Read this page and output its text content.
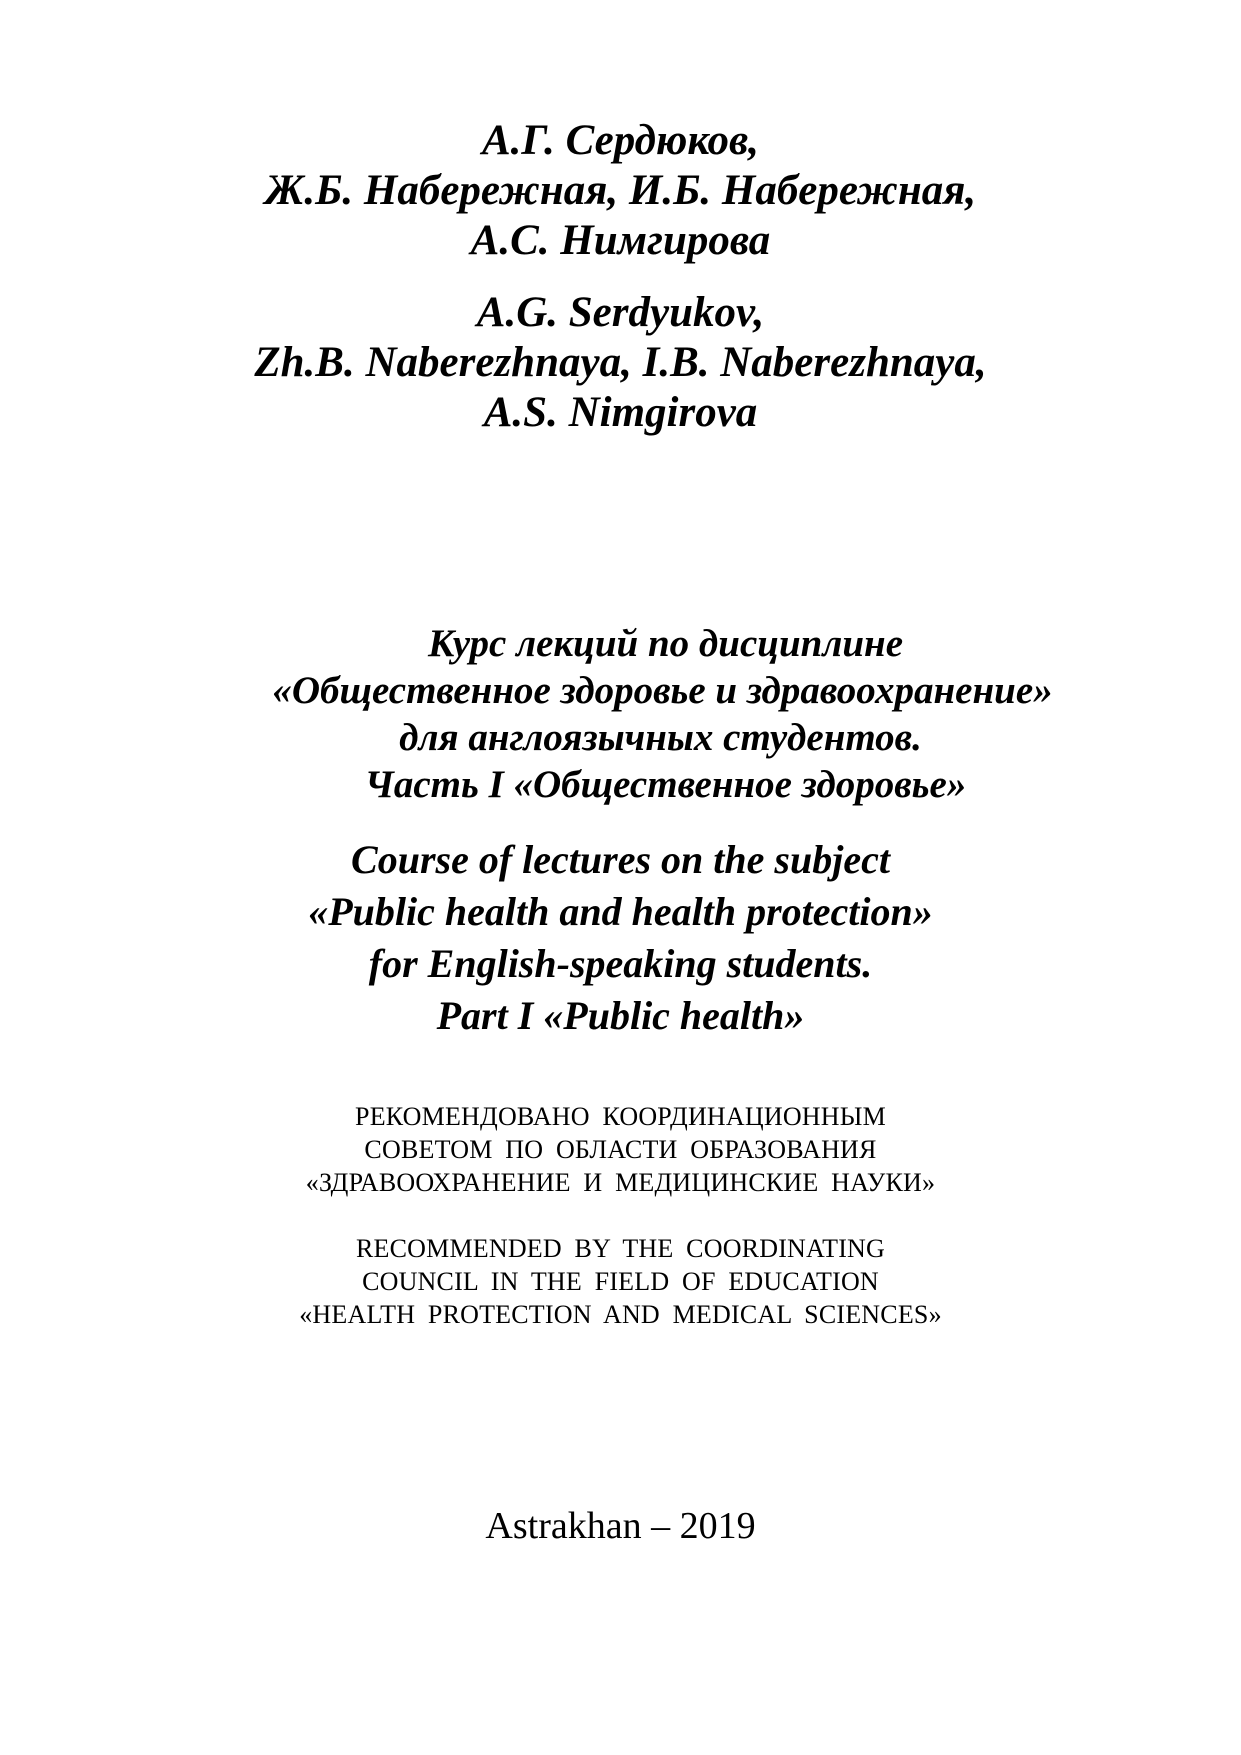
А.Г. Сердюков,
Ж.Б. Набережная, И.Б. Набережная,
А.С. Нимгирова
A.G. Serdyukov,
Zh.B. Naberezhnaya, I.B. Naberezhnaya,
A.S. Nimgirova
Курс лекций по дисциплине
«Общественное здоровье и здравоохранение»
для англоязычных студентов.
Часть I «Общественное здоровье»
Course of lectures on the subject
«Public health and health protection»
for English-speaking students.
Part I «Public health»
РЕКОМЕНДОВАНО КООРДИНАЦИОННЫМ
СОВЕТОМ ПО ОБЛАСТИ ОБРАЗОВАНИЯ
«ЗДРАВООХРАНЕНИЕ И МЕДИЦИНСКИЕ НАУКИ»
RECOMMENDED BY THE COORDINATING
COUNCIL IN THE FIELD OF EDUCATION
«HEALTH PROTECTION AND MEDICAL SCIENCES»
Astrakhan – 2019
